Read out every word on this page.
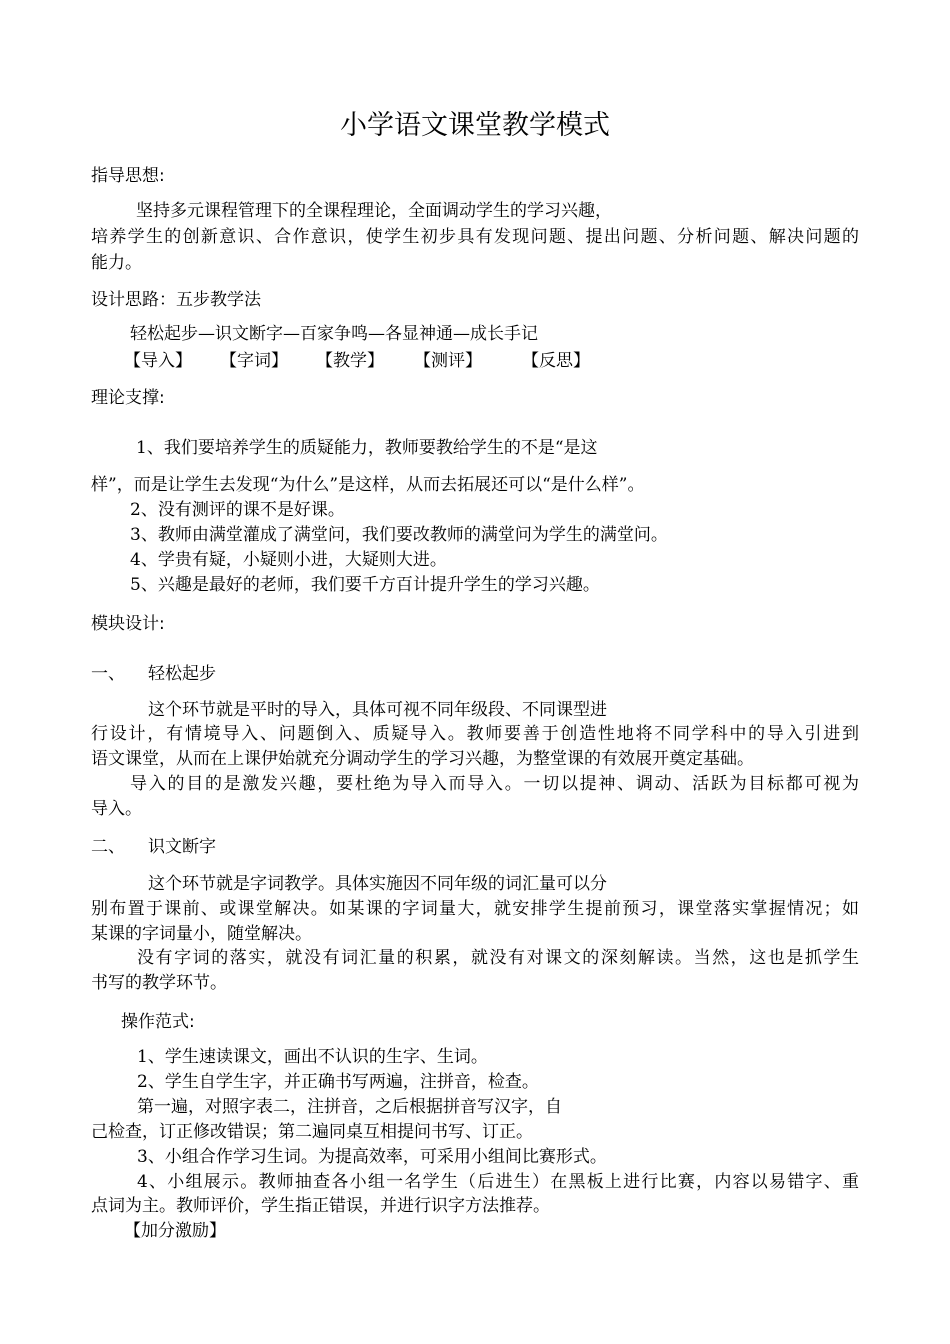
小学语文课堂教学模式
指导思想:
坚持多元课程管理下的全课程理论，全面调动学生的学习兴趣，
培养学生的创新意识、合作意识，使学生初步具有发现问题、提出问题、分析问题、解决问题的
能力。
设计思路：五步教学法
轻松起步—识文断字—百家争鸣—各显神通—成长手记
【导入】 【字词】 【教学】 【测评】 【反思】
理论支撑:
1、我们要培养学生的质疑能力，教师要教给学生的不是“是这
样”，而是让学生去发现“为什么”是这样，从而去拓展还可以“是什么样”。
2、没有测评的课不是好课。
3、教师由满堂灌成了满堂问，我们要改教师的满堂问为学生的满堂问。
4、学贵有疑，小疑则小进，大疑则大进。
5、兴趣是最好的老师，我们要千方百计提升学生的学习兴趣。
模块设计:
一、 轻松起步
这个环节就是平时的导入，具体可视不同年级段、不同课型进
行设计，有情境导入、问题倒入、质疑导入。教师要善于创造性地将不同学科中的导入引进到
语文课堂，从而在上课伊始就充分调动学生的学习兴趣，为整堂课的有效展开奠定基础。
导入的目的是激发兴趣，要杜绝为导入而导入。一切以提神、调动、活跃为目标都可视为
导入。
二、 识文断字
这个环节就是字词教学。具体实施因不同年级的词汇量可以分
别布置于课前、或课堂解决。如某课的字词量大，就安排学生提前预习，课堂落实掌握情况；如
某课的字词量小，随堂解决。
没有字词的落实，就没有词汇量的积累，就没有对课文的深刻解读。当然，这也是抓学生
书写的教学环节。
操作范式:
1、学生速读课文，画出不认识的生字、生词。
2、学生自学生字，并正确书写两遍，注拼音，检查。
第一遍，对照字表二，注拼音，之后根据拼音写汉字，自
己检查，订正修改错误；第二遍同桌互相提问书写、订正。
3、小组合作学习生词。为提高效率，可采用小组间比赛形式。
4、小组展示。教师抽查各小组一名学生（后进生）在黑板上进行比赛，内容以易错字、重
点词为主。教师评价，学生指正错误，并进行识字方法推荐。
【加分激励】
